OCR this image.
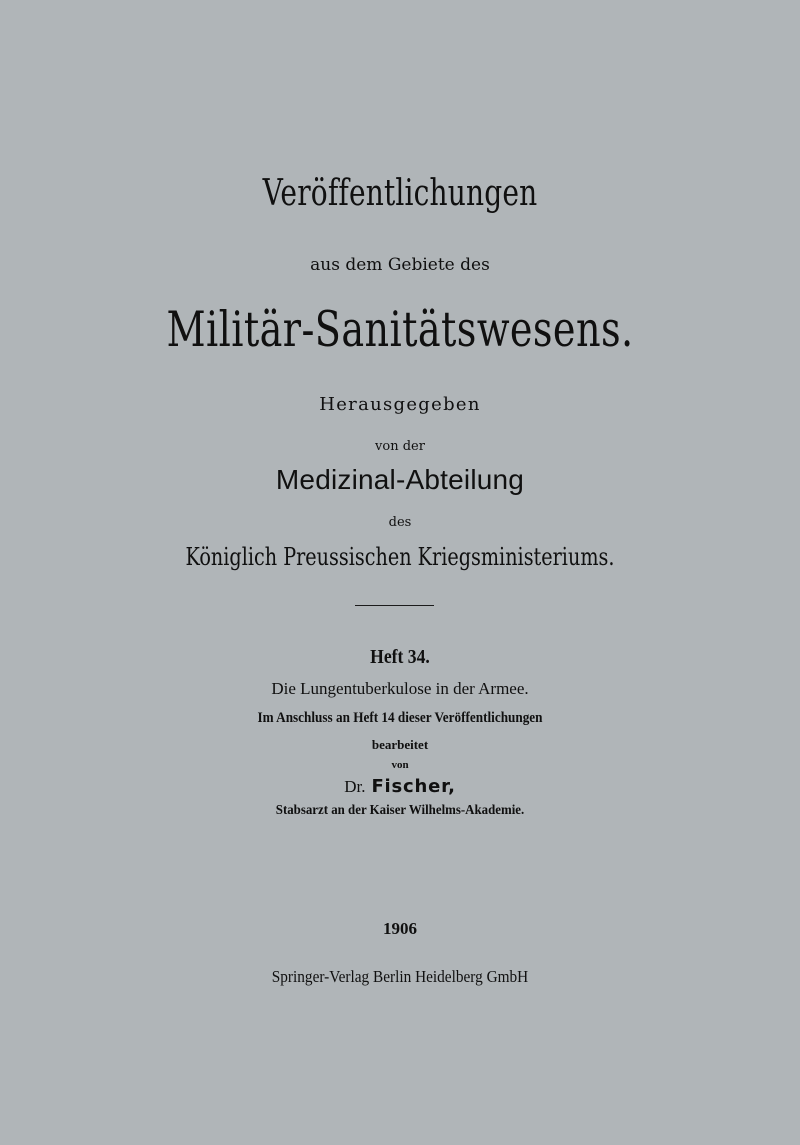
Veröffentlichungen
aus dem Gebiete des
Militär-Sanitätswesens.
Herausgegeben
von der
Medizinal-Abteilung
des
Königlich Preussischen Kriegsministeriums.
Heft 34.
Die Lungentuberkulose in der Armee.
Im Anschluss an Heft 14 dieser Veröffentlichungen
bearbeitet
von
Dr. Fischer,
Stabsarzt an der Kaiser Wilhelms-Akademie.
1906
Springer-Verlag Berlin Heidelberg GmbH
